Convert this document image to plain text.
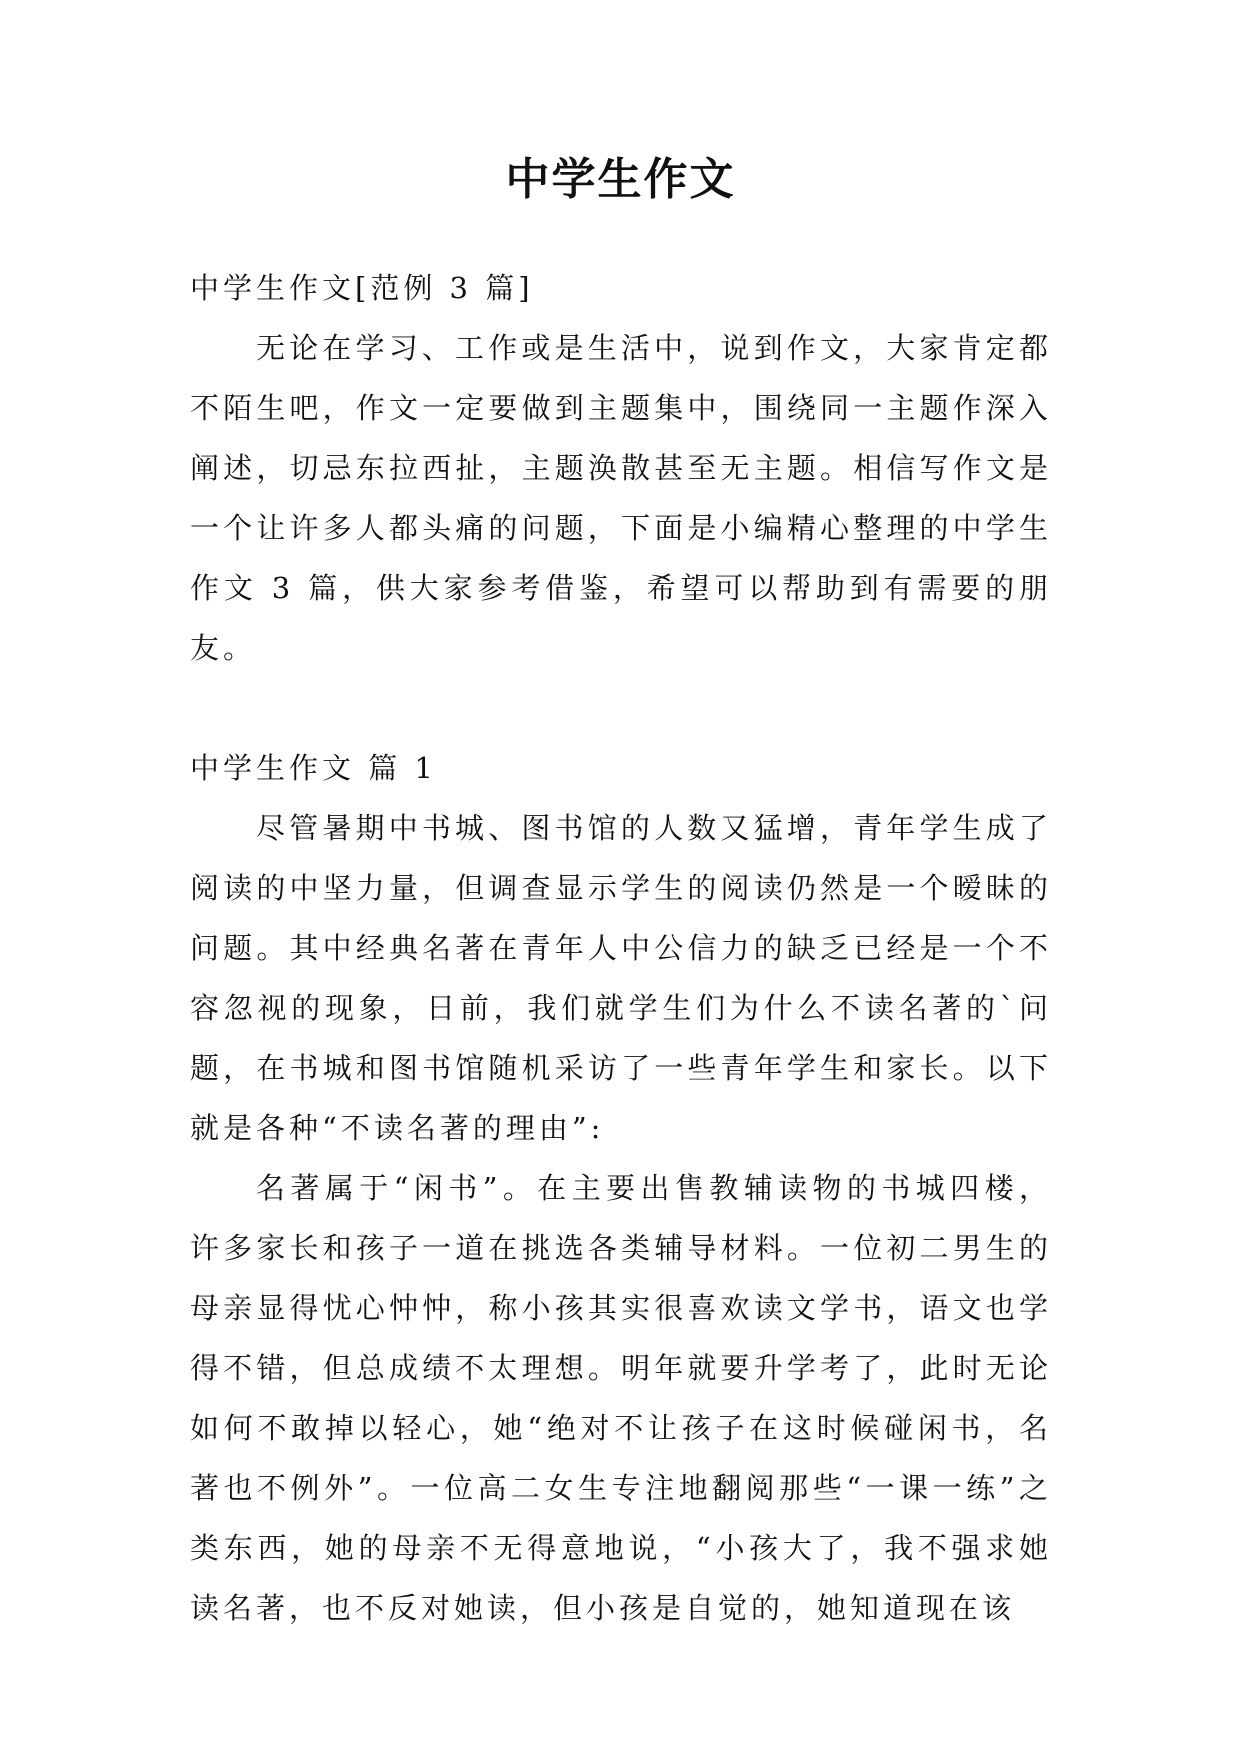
中学生作文

中学生作文[范例 3 篇]

无论在学习、工作或是生活中，说到作文，大家肯定都不陌生吧，作文一定要做到主题集中，围绕同一主题作深入阐述，切忌东拉西扯，主题涣散甚至无主题。相信写作文是一个让许多人都头痛的问题，下面是小编精心整理的中学生作文 3 篇，供大家参考借鉴，希望可以帮助到有需要的朋友。

中学生作文 篇 1

尽管暑期中书城、图书馆的人数又猛增，青年学生成了阅读的中坚力量，但调查显示学生的阅读仍然是一个暧昧的问题。其中经典名著在青年人中公信力的缺乏已经是一个不容忽视的现象，日前，我们就学生们为什么不读名著的`问题，在书城和图书馆随机采访了一些青年学生和家长。以下就是各种“不读名著的理由”:

名著属于“闲书”。在主要出售教辅读物的书城四楼，许多家长和孩子一道在挑选各类辅导材料。一位初二男生的母亲显得忧心忡忡，称小孩其实很喜欢读文学书，语文也学得不错，但总成绩不太理想。明年就要升学考了，此时无论如何不敢掉以轻心，她“绝对不让孩子在这时候碰闲书，名著也不例外”。一位高二女生专注地翻阅那些“一课一练”之类东西，她的母亲不无得意地说，“小孩大了，我不强求她读名著，也不反对她读，但小孩是自觉的，她知道现在该
